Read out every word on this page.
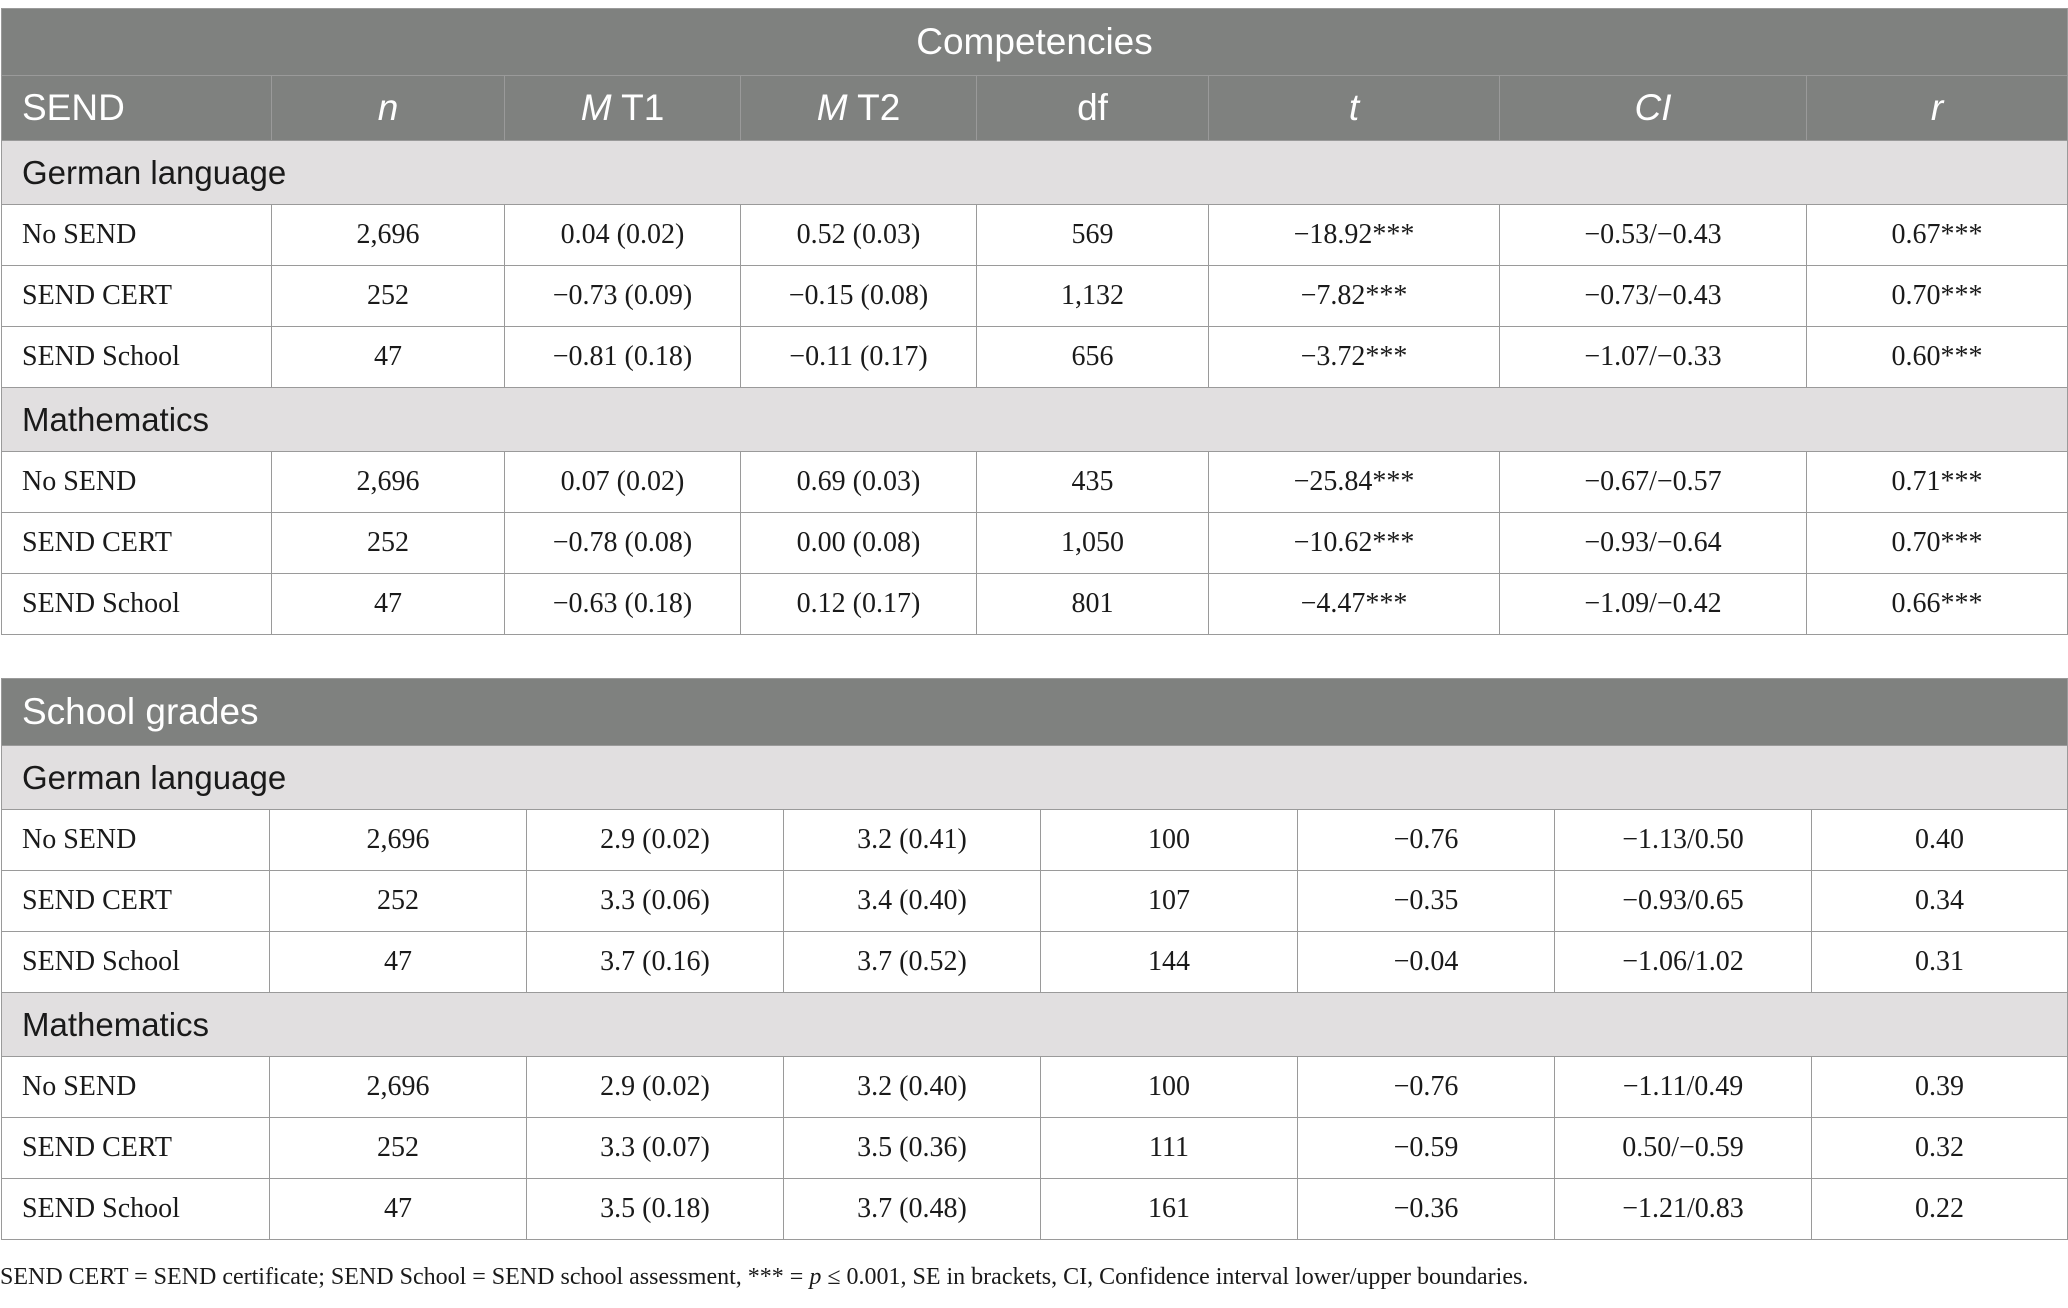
Competencies							
SEND	n	M T1	M T2	df	t	CI	r
German language							
No SEND	2,696	0.04 (0.02)	0.52 (0.03)	569	−18.92***	−0.53/−0.43	0.67***
SEND CERT	252	−0.73 (0.09)	−0.15 (0.08)	1,132	−7.82***	−0.73/−0.43	0.70***
SEND School	47	−0.81 (0.18)	−0.11 (0.17)	656	−3.72***	−1.07/−0.33	0.60***
Mathematics							
No SEND	2,696	0.07 (0.02)	0.69 (0.03)	435	−25.84***	−0.67/−0.57	0.71***
SEND CERT	252	−0.78 (0.08)	0.00 (0.08)	1,050	−10.62***	−0.93/−0.64	0.70***
SEND School	47	−0.63 (0.18)	0.12 (0.17)	801	−4.47***	−1.09/−0.42	0.66***
School grades							
German language							
No SEND	2,696	2.9 (0.02)	3.2 (0.41)	100	−0.76	−1.13/0.50	0.40
SEND CERT	252	3.3 (0.06)	3.4 (0.40)	107	−0.35	−0.93/0.65	0.34
SEND School	47	3.7 (0.16)	3.7 (0.52)	144	−0.04	−1.06/1.02	0.31
Mathematics							
No SEND	2,696	2.9 (0.02)	3.2 (0.40)	100	−0.76	−1.11/0.49	0.39
SEND CERT	252	3.3 (0.07)	3.5 (0.36)	111	−0.59	0.50/−0.59	0.32
SEND School	47	3.5 (0.18)	3.7 (0.48)	161	−0.36	−1.21/0.83	0.22
SEND CERT = SEND certificate; SEND School = SEND school assessment, *** = p ≤ 0.001, SE in brackets, CI, Confidence interval lower/upper boundaries.
